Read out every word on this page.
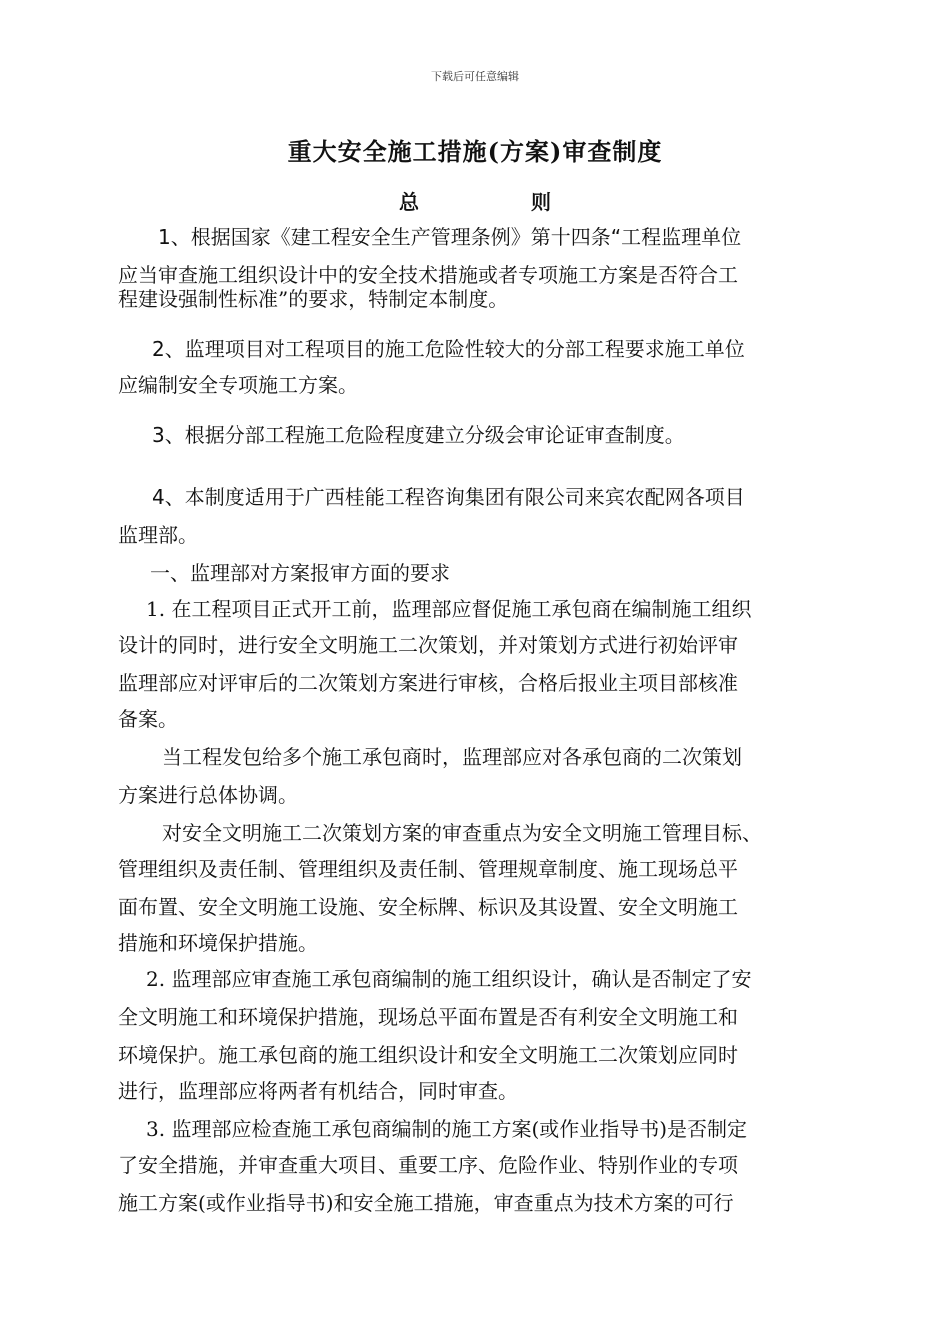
下载后可任意编辑
重大安全施工措施(方案)审查制度
总	则
1、根据国家《建工程安全生产管理条例》第十四条“工程监理单位
应当审查施工组织设计中的安全技术措施或者专项施工方案是否符合工
程建设强制性标准”的要求，特制定本制度。
2、监理项目对工程项目的施工危险性较大的分部工程要求施工单位
应编制安全专项施工方案。
3、根据分部工程施工危险程度建立分级会审论证审查制度。
4、本制度适用于广西桂能工程咨询集团有限公司来宾农配网各项目
监理部。
一、监理部对方案报审方面的要求
1. 在工程项目正式开工前，监理部应督促施工承包商在编制施工组织
设计的同时，进行安全文明施工二次策划，并对策划方式进行初始评审
监理部应对评审后的二次策划方案进行审核，合格后报业主项目部核准
备案。
当工程发包给多个施工承包商时，监理部应对各承包商的二次策划
方案进行总体协调。
对安全文明施工二次策划方案的审查重点为安全文明施工管理目标、
管理组织及责任制、管理组织及责任制、管理规章制度、施工现场总平
面布置、安全文明施工设施、安全标牌、标识及其设置、安全文明施工
措施和环境保护措施。
2. 监理部应审查施工承包商编制的施工组织设计，确认是否制定了安
全文明施工和环境保护措施，现场总平面布置是否有利安全文明施工和
环境保护。施工承包商的施工组织设计和安全文明施工二次策划应同时
进行，监理部应将两者有机结合，同时审查。
3. 监理部应检查施工承包商编制的施工方案(或作业指导书)是否制定
了安全措施，并审查重大项目、重要工序、危险作业、特别作业的专项
施工方案(或作业指导书)和安全施工措施，审查重点为技术方案的可行
